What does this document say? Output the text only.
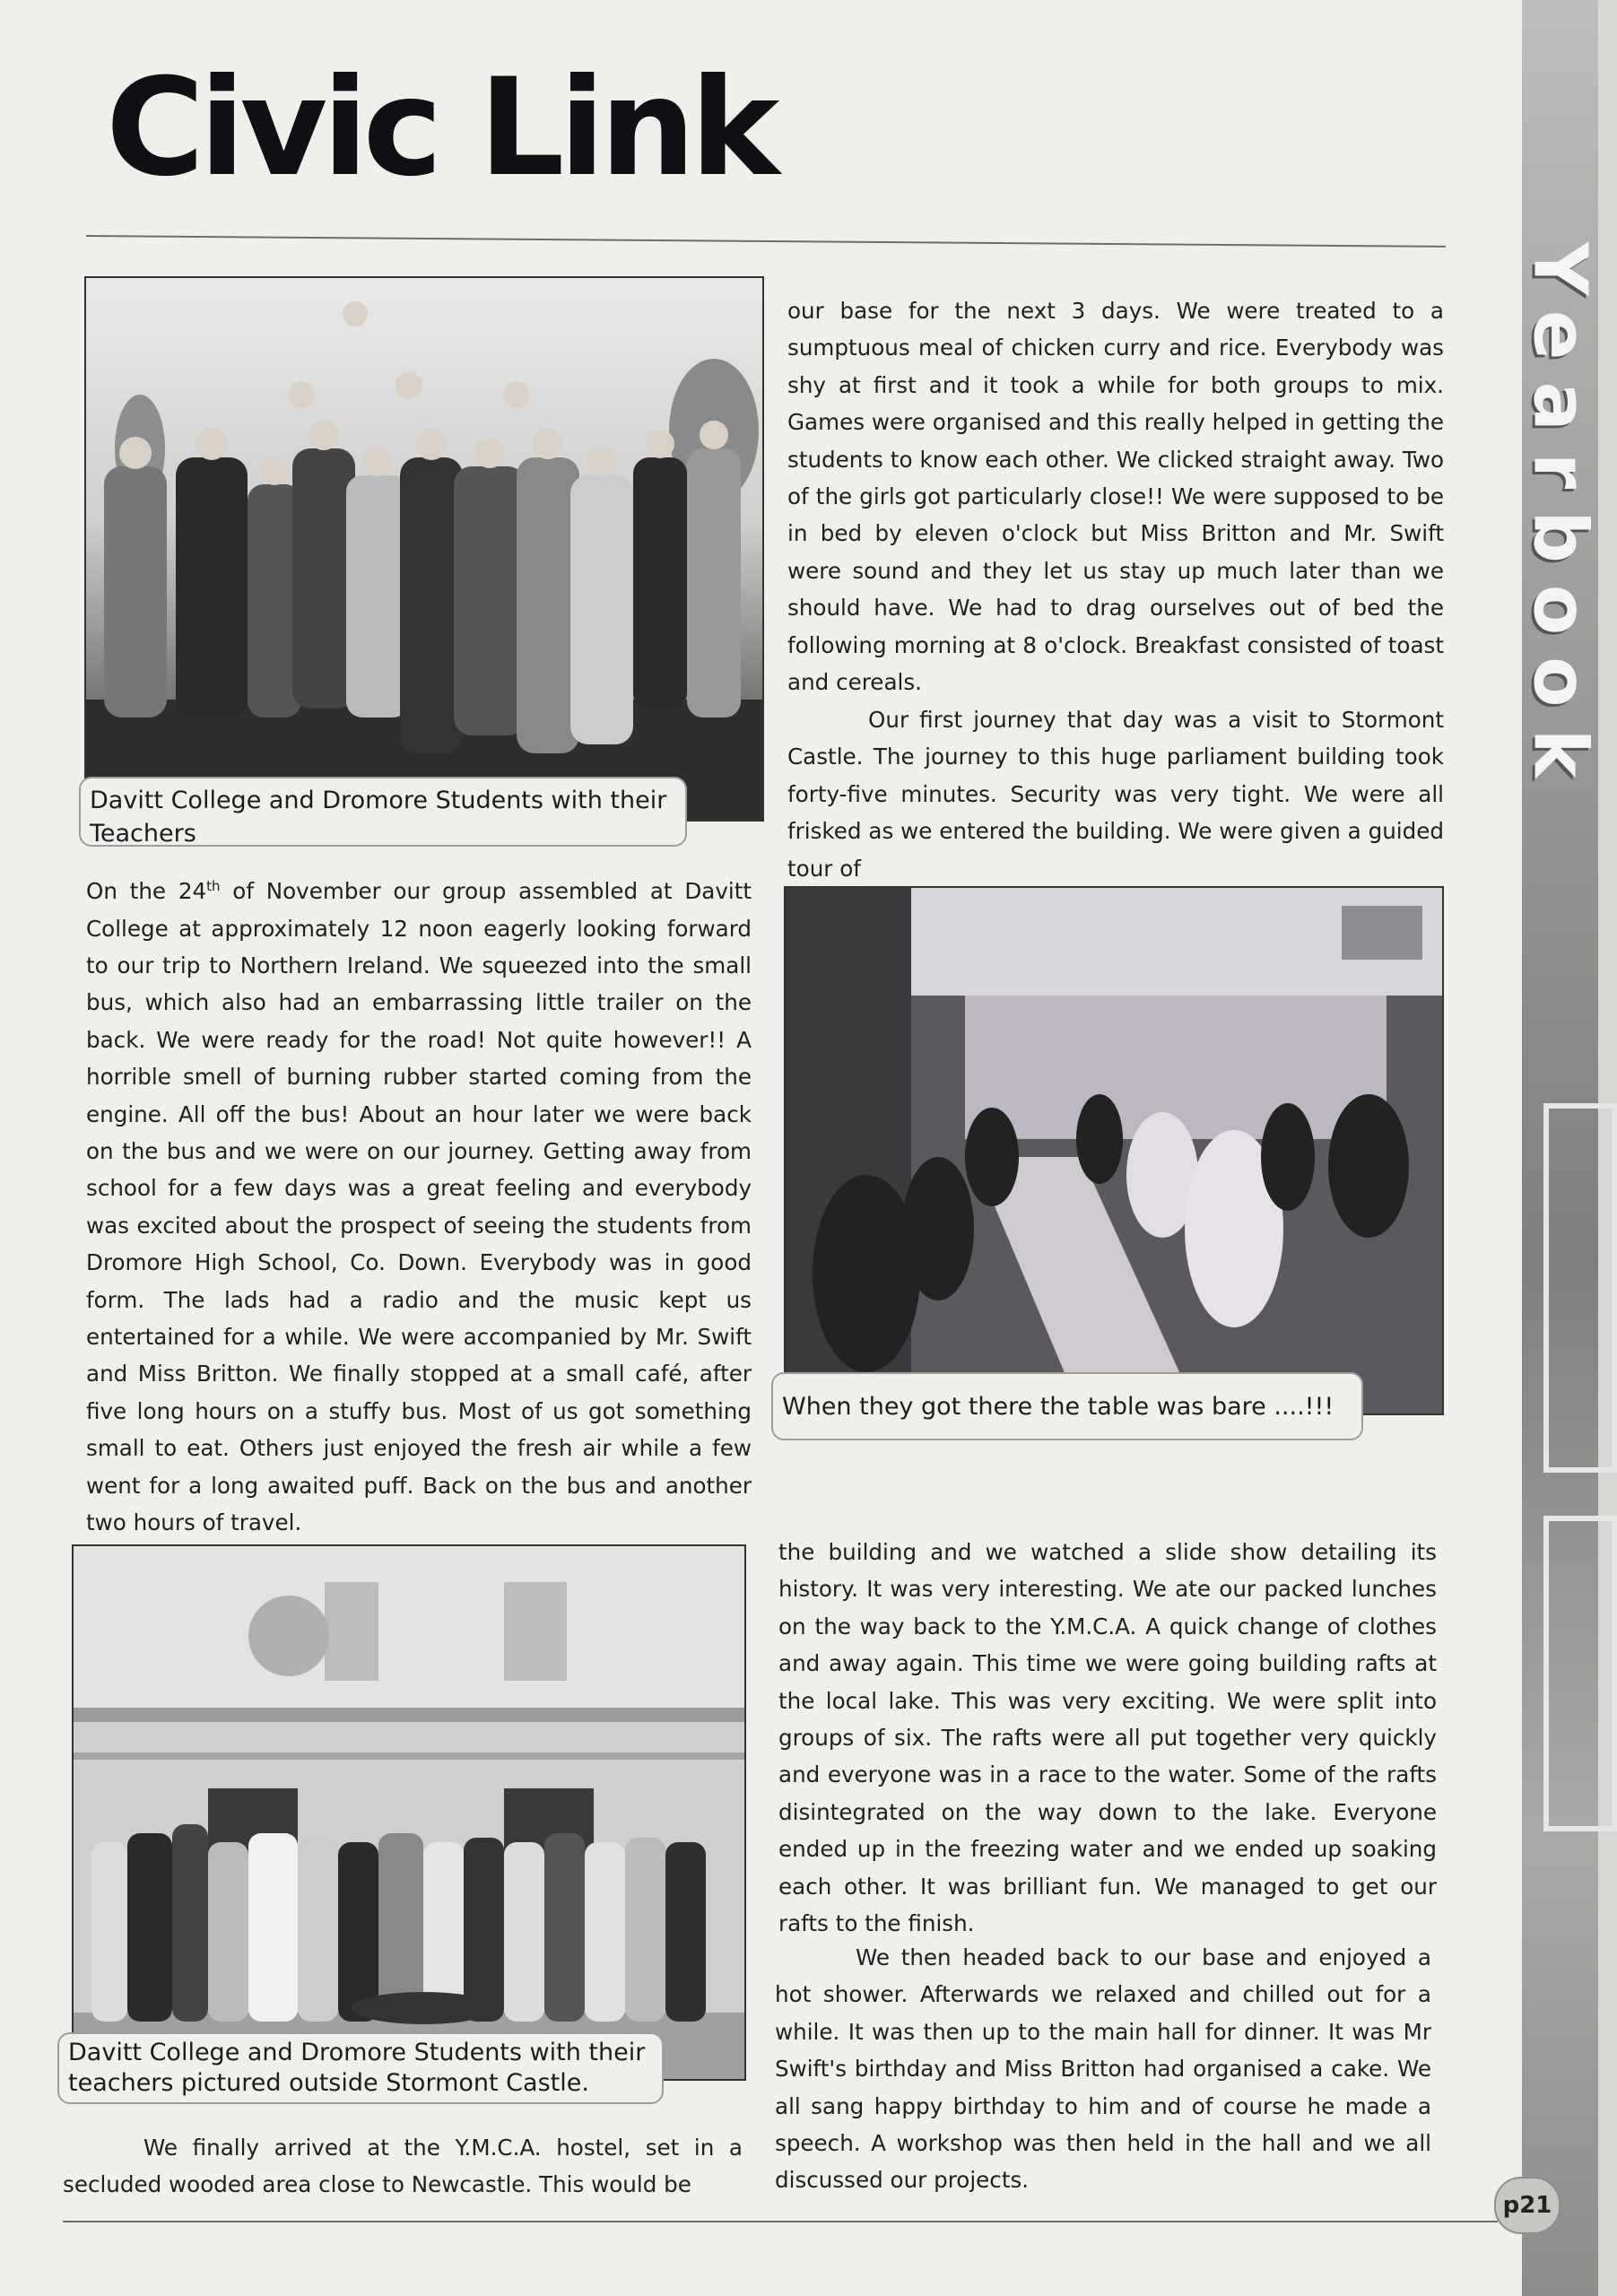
Civic Link
Davitt College and Dromore Students with their Teachers
When they got there the table was bare ....!!!
Davitt College and Dromore Students with their teachers pictured outside Stormont Castle.

On the 24th of November our group assembled at Davitt College at approximately 12 noon eagerly looking forward to our trip to Northern Ireland. We squeezed into the small bus, which also had an embarrassing little trailer on the back. We were ready for the road! Not quite however!! A horrible smell of burning rubber started coming from the engine. All off the bus! About an hour later we were back on the bus and we were on our journey. Getting away from school for a few days was a great feeling and everybody was excited about the prospect of seeing the students from Dromore High School, Co. Down. Everybody was in good form. The lads had a radio and the music kept us entertained for a while. We were accompanied by Mr. Swift and Miss Britton. We finally stopped at a small café, after five long hours on a stuffy bus. Most of us got something small to eat. Others just enjoyed the fresh air while a few went for a long awaited puff. Back on the bus and another two hours of travel.

We finally arrived at the Y.M.C.A. hostel, set in a secluded wooded area close to Newcastle. This would be

our base for the next 3 days. We were treated to a sumptuous meal of chicken curry and rice. Everybody was shy at first and it took a while for both groups to mix. Games were organised and this really helped in getting the students to know each other. We clicked straight away. Two of the girls got particularly close!! We were supposed to be in bed by eleven o'clock but Miss Britton and Mr. Swift were sound and they let us stay up much later than we should have. We had to drag ourselves out of bed the following morning at 8 o'clock. Breakfast consisted of toast and cereals.

Our first journey that day was a visit to Stormont Castle. The journey to this huge parliament building took forty-five minutes. Security was very tight. We were all frisked as we entered the building. We were given a guided tour of

the building and we watched a slide show detailing its history. It was very interesting. We ate our packed lunches on the way back to the Y.M.C.A. A quick change of clothes and away again. This time we were going building rafts at the local lake. This was very exciting. We were split into groups of six. The rafts were all put together very quickly and everyone was in a race to the water. Some of the rafts disintegrated on the way down to the lake. Everyone ended up in the freezing water and we ended up soaking each other. It was brilliant fun. We managed to get our rafts to the finish.

We then headed back to our base and enjoyed a hot shower. Afterwards we relaxed and chilled out for a while. It was then up to the main hall for dinner. It was Mr Swift's birthday and Miss Britton had organised a cake. We all sang happy birthday to him and of course he made a speech. A workshop was then held in the hall and we all discussed our projects.

Yearbook
p21
